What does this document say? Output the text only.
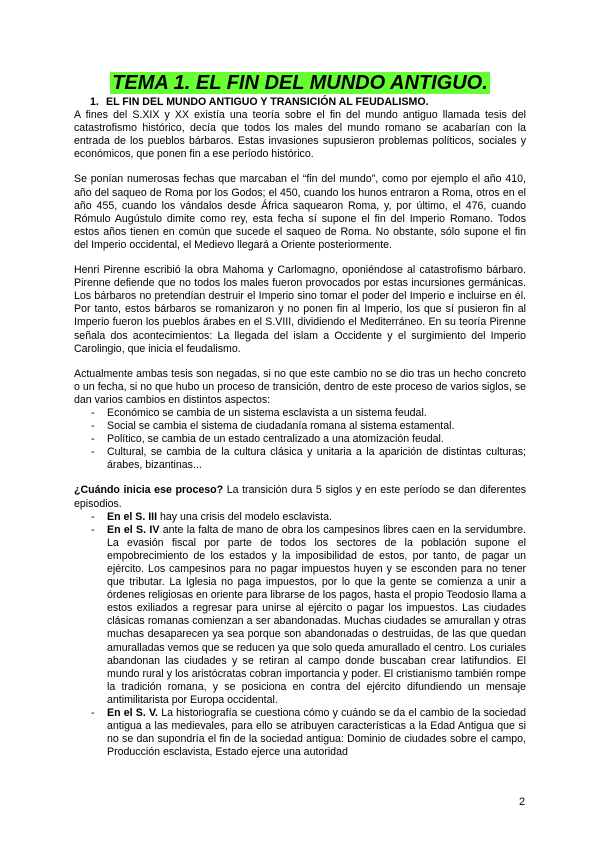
TEMA 1. EL FIN DEL MUNDO ANTIGUO.
1. EL FIN DEL MUNDO ANTIGUO Y TRANSICIÓN AL FEUDALISMO.

A fines del S.XIX y XX existía una teoría sobre el fin del mundo antiguo llamada tesis del catastrofismo histórico, decía que todos los males del mundo romano se acabarían con la entrada de los pueblos bárbaros. Estas invasiones supusieron problemas políticos, sociales y económicos, que ponen fin a ese período histórico.

Se ponían numerosas fechas que marcaban el “fin del mundo”, como por ejemplo el año 410, año del saqueo de Roma por los Godos; el 450, cuando los hunos entraron a Roma, otros en el año 455, cuando los vándalos desde África saquearon Roma, y, por último, el 476, cuando Rómulo Augústulo dimite como rey, esta fecha sí supone el fin del Imperio Romano. Todos estos años tienen en común que sucede el saqueo de Roma. No obstante, sólo supone el fin del Imperio occidental, el Medievo llegará a Oriente posteriormente.

Henri Pirenne escribió la obra Mahoma y Carlomagno, oponiéndose al catastrofismo bárbaro. Pirenne defiende que no todos los males fueron provocados por estas incursiones germánicas. Los bárbaros no pretendían destruir el Imperio sino tomar el poder del Imperio e incluirse en él. Por tanto, estos bárbaros se romanizaron y no ponen fin al Imperio, los que sí pusieron fin al Imperio fueron los pueblos árabes en el S.VIII, dividiendo el Mediterráneo. En su teoría Pirenne señala dos acontecimientos: La llegada del islam a Occidente y el surgimiento del Imperio Carolingio, que inicia el feudalismo.

Actualmente ambas tesis son negadas, si no que este cambio no se dio tras un hecho concreto o un fecha, si no que hubo un proceso de transición, dentro de este proceso de varios siglos, se dan varios cambios en distintos aspectos:

- Económico se cambia de un sistema esclavista a un sistema feudal.
- Social se cambia el sistema de ciudadanía romana al sistema estamental.
- Político, se cambia de un estado centralizado a una atomización feudal.
- Cultural, se cambia de la cultura clásica y unitaria a la aparición de distintas culturas; árabes, bizantinas...

¿Cuándo inicia ese proceso? La transición dura 5 siglos y en este período se dan diferentes episodios.

- En el S. III hay una crisis del modelo esclavista.
- En el S. IV ante la falta de mano de obra los campesinos libres caen en la servidumbre. La evasión fiscal por parte de todos los sectores de la población supone el empobrecimiento de los estados y la imposibilidad de estos, por tanto, de pagar un ejército. Los campesinos para no pagar impuestos huyen y se esconden para no tener que tributar. La Iglesia no paga impuestos, por lo que la gente se comienza a unir a órdenes religiosas en oriente para librarse de los pagos, hasta el propio Teodosio llama a estos exiliados a regresar para unirse al ejército o pagar los impuestos. Las ciudades clásicas romanas comienzan a ser abandonadas. Muchas ciudades se amurallan y otras muchas desaparecen ya sea porque son abandonadas o destruidas, de las que quedan amuralladas vemos que se reducen ya que solo queda amurallado el centro. Los curiales abandonan las ciudades y se retiran al campo donde buscaban crear latifundios. El mundo rural y los aristócratas cobran importancia y poder. El cristianismo también rompe la tradición romana, y se posiciona en contra del ejército difundiendo un mensaje antimilitarista por Europa occidental.
- En el S. V. La historiografía se cuestiona cómo y cuándo se da el cambio de la sociedad antigua a las medievales, para ello se atribuyen características a la Edad Antigua que si no se dan supondría el fin de la sociedad antigua: Dominio de ciudades sobre el campo, Producción esclavista, Estado ejerce una autoridad
2
